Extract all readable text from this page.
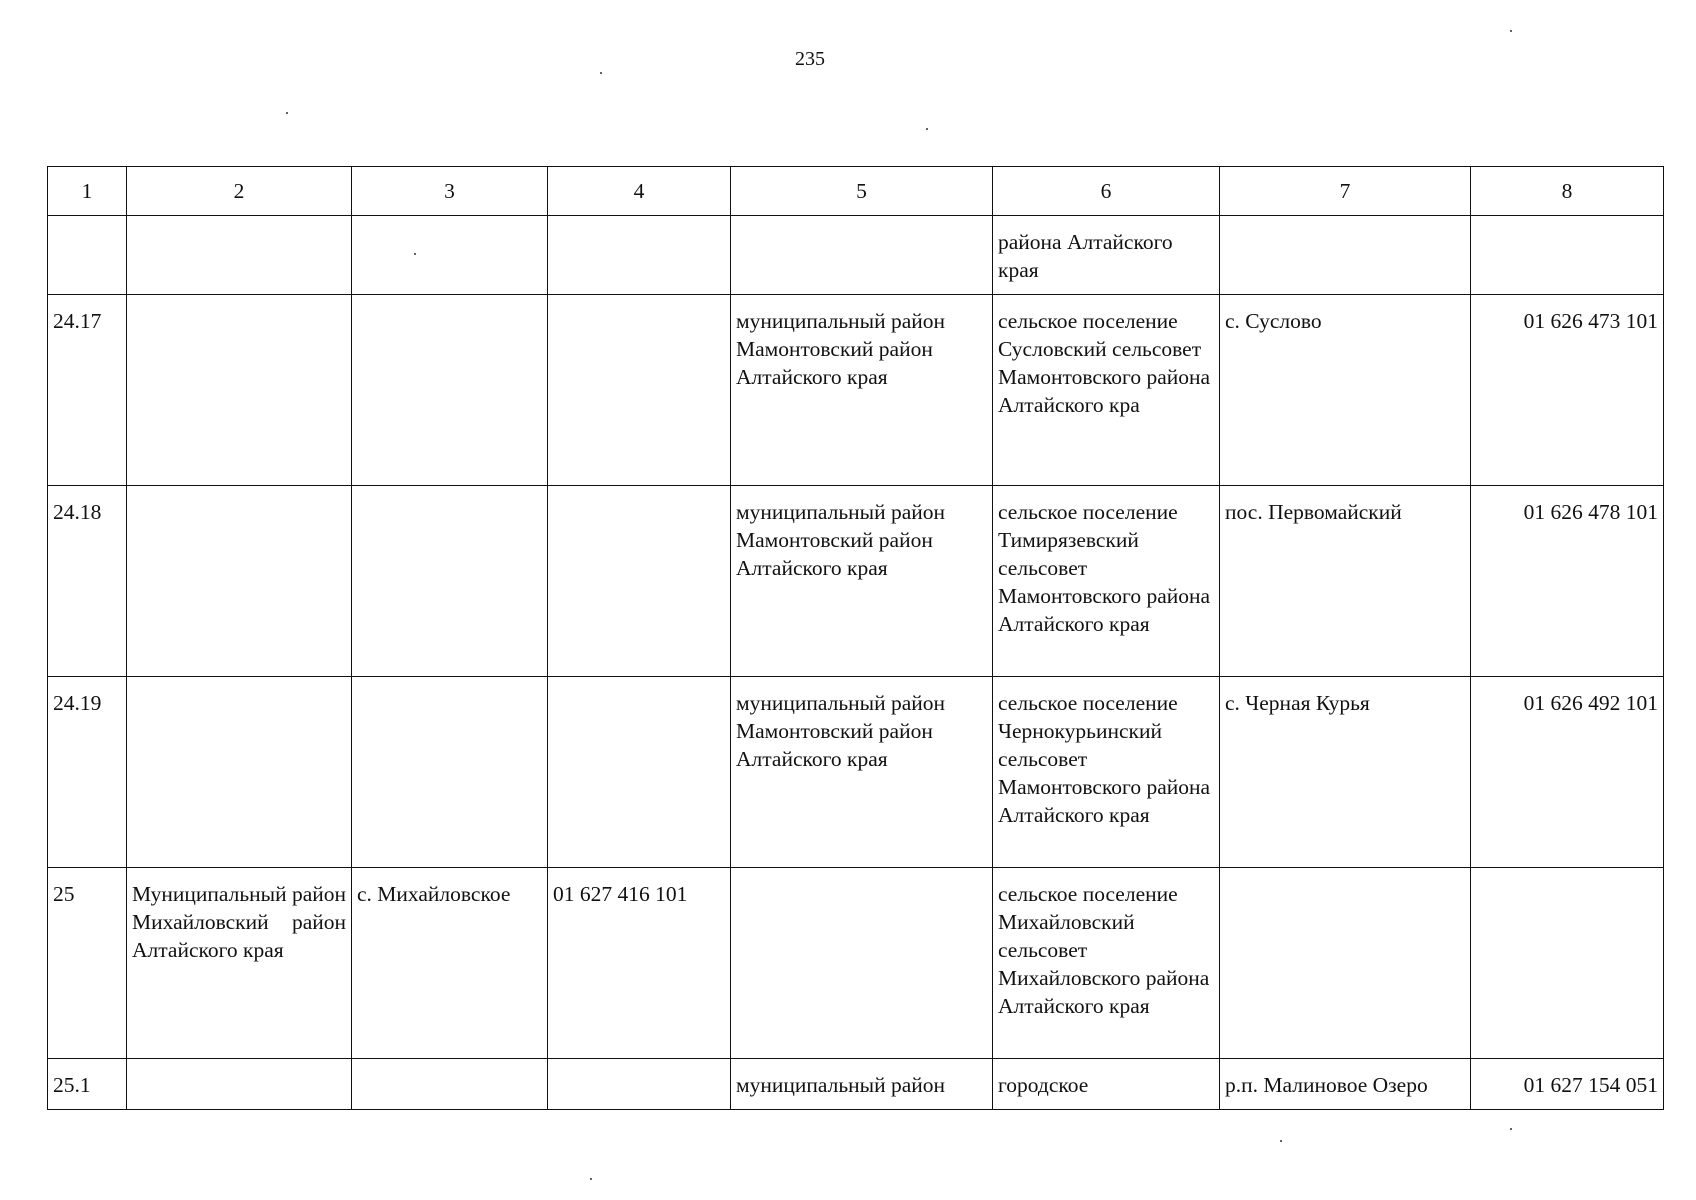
235
1	2	3	4	5	6	7	8
					района Алтайского края		
24.17				муниципальный район Мамонтовский район Алтайского края	сельское поселение Сусловский сельсовет Мамонтовского района Алтайского кра	с. Суслово	01 626 473 101
24.18				муниципальный район Мамонтовский район Алтайского края	сельское поселение Тимирязевский сельсовет Мамонтовского района Алтайского края	пос. Первомайский	01 626 478 101
24.19				муниципальный район Мамонтовский район Алтайского края	сельское поселение Чернокурьинский сельсовет Мамонтовского района Алтайского края	с. Черная Курья	01 626 492 101
25	Муниципальный район Михайловский район Алтайского края	с. Михайловское	01 627 416 101		сельское поселение Михайловский сельсовет Михайловского района Алтайского края		
25.1				муниципальный район	городское	р.п. Малиновое Озеро	01 627 154 051
